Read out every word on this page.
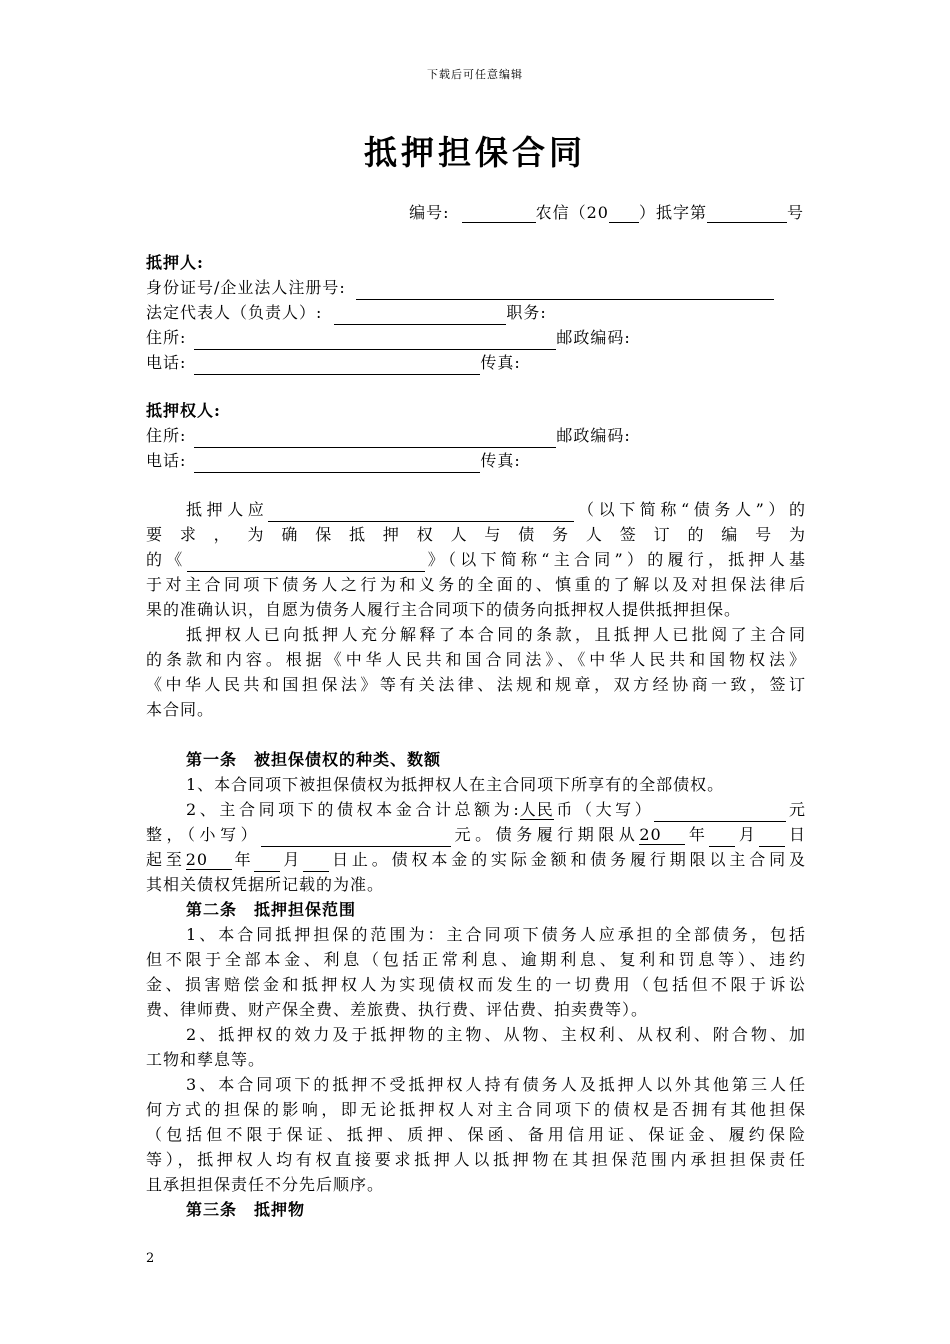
下载后可任意编辑
抵押担保合同
编号:	农信（20 ）抵字第	号
抵押人:
身份证号/企业法人注册号:
法定代表人（负责人）:	职务:
住所:	邮政编码:
电话:	传真:
抵押权人:
住所:	邮政编码:
电话:	传真:
抵押人应	（以下简称“债务人”）的
要求，为确保抵押权人与债务人签订的编号为
的《	》（以下简称“主合同”）的履行，抵押人基
于对主合同项下债务人之行为和义务的全面的、慎重的了解以及对担保法律后
果的准确认识，自愿为债务人履行主合同项下的债务向抵押权人提供抵押担保。
抵押权人已向抵押人充分解释了本合同的条款，且抵押人已批阅了主合同
的条款和内容。根据《中华人民共和国合同法》、《中华人民共和国物权法》
《中华人民共和国担保法》等有关法律、法规和规章，双方经协商一致，签订
本合同。
第一条　被担保债权的种类、数额
1、本合同项下被担保债权为抵押权人在主合同项下所享有的全部债权。
2、主合同项下的债权本金合计总额为:人民币（大写）	元
整，（小写）	元。债务履行期限从20 年 月 日
起至20 年 月 日止。债权本金的实际金额和债务履行期限以主合同及
其相关债权凭据所记载的为准。
第二条　抵押担保范围
1、本合同抵押担保的范围为：主合同项下债务人应承担的全部债务，包括
但不限于全部本金、利息（包括正常利息、逾期利息、复利和罚息等）、违约
金、损害赔偿金和抵押权人为实现债权而发生的一切费用（包括但不限于诉讼
费、律师费、财产保全费、差旅费、执行费、评估费、拍卖费等）。
2、抵押权的效力及于抵押物的主物、从物、主权利、从权利、附合物、加
工物和孳息等。
3、本合同项下的抵押不受抵押权人持有债务人及抵押人以外其他第三人任
何方式的担保的影响，即无论抵押权人对主合同项下的债权是否拥有其他担保
（包括但不限于保证、抵押、质押、保函、备用信用证、保证金、履约保险
等），抵押权人均有权直接要求抵押人以抵押物在其担保范围内承担担保责任
且承担担保责任不分先后顺序。
第三条　抵押物
2
